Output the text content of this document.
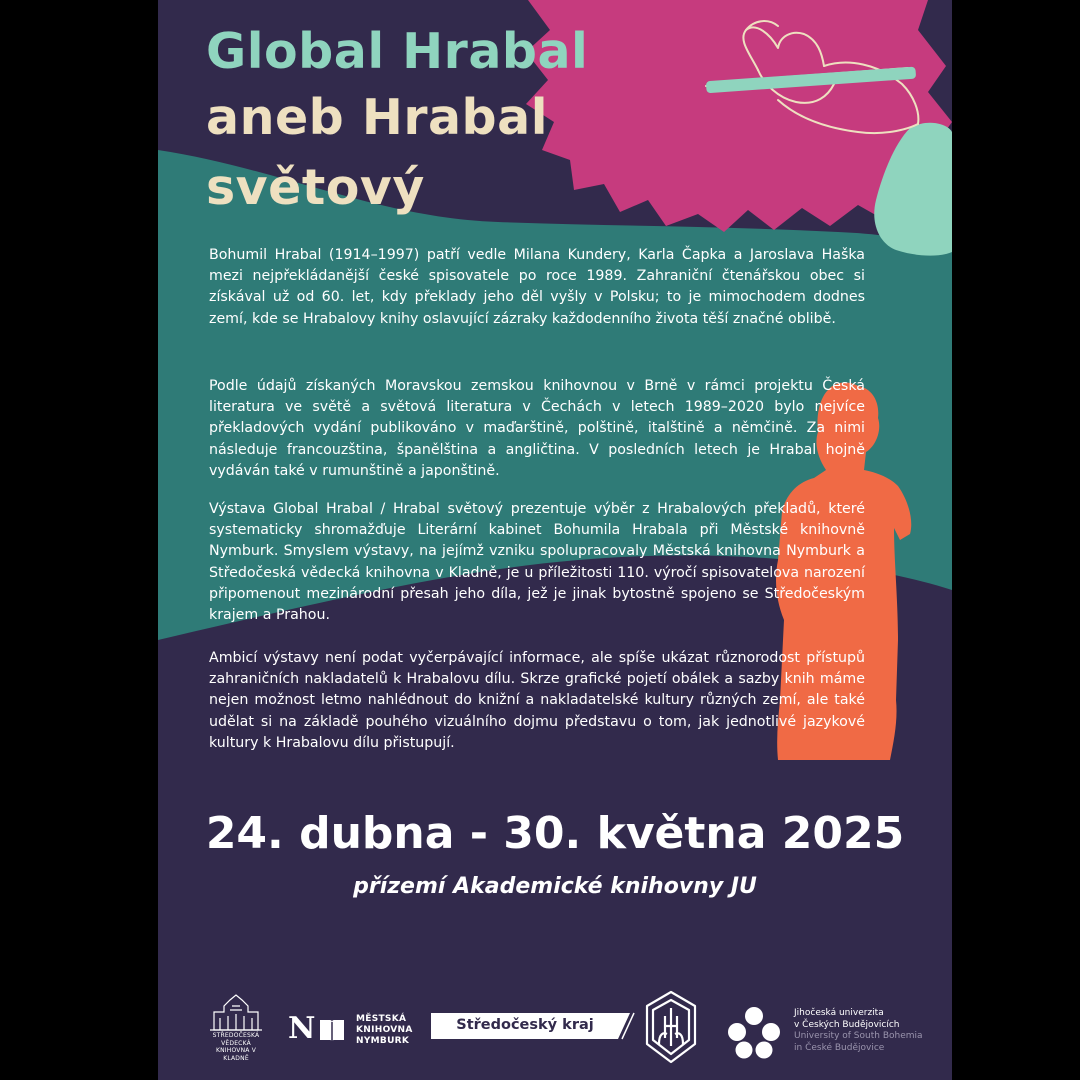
Global Hrabal
aneb Hrabal
světový

Bohumil Hrabal (1914–1997) patří vedle Milana Kundery, Karla Čapka a Jaroslava Haška mezi nejpřekládanější české spisovatele po roce 1989. Zahraniční čtenářskou obec si získával už od 60. let, kdy překlady jeho děl vyšly v Polsku; to je mimochodem dodnes zemí, kde se Hrabalovy knihy oslavující zázraky každodenního života těší značné oblibě.

Podle údajů získaných Moravskou zemskou knihovnou v Brně v rámci projektu Česká literatura ve světě a světová literatura v Čechách v letech 1989–2020 bylo nejvíce překladových vydání publikováno v maďarštině, polštině, italštině a němčině. Za nimi následuje francouzština, španělština a angličtina. V posledních letech je Hrabal hojně vydáván také v rumunštině a japonštině.

Výstava Global Hrabal / Hrabal světový prezentuje výběr z Hrabalových překladů, které systematicky shromažďuje Literární kabinet Bohumila Hrabala při Městské knihovně Nymburk. Smyslem výstavy, na jejímž vzniku spolupracovaly Městská knihovna Nymburk a Středočeská vědecká knihovna v Kladně, je u příležitosti 110. výročí spisovatelova narození připomenout mezinárodní přesah jeho díla, jež je jinak bytostně spojeno se Středočeským krajem a Prahou.

Ambicí výstavy není podat vyčerpávající informace, ale spíše ukázat různorodost přístupů zahraničních nakladatelů k Hrabalovu dílu. Skrze grafické pojetí obálek a sazby knih máme nejen možnost letmo nahlédnout do knižní a nakladatelské kultury různých zemí, ale také udělat si na základě pouhého vizuálního dojmu představu o tom, jak jednotlivé jazykové kultury k Hrabalovu dílu přistupují.

24. dubna - 30. května 2025
přízemí Akademické knihovny JU
STŘEDOČESKÁ VĚDECKÁ KNIHOVNA V KLADNĚ
N	MĚSTSKÁ
KNIHOVNA
NYMBURK
Středočeský kraj
Jihočeská univerzita
v Českých Budějovicích
University of South Bohemia
in České Budějovice
